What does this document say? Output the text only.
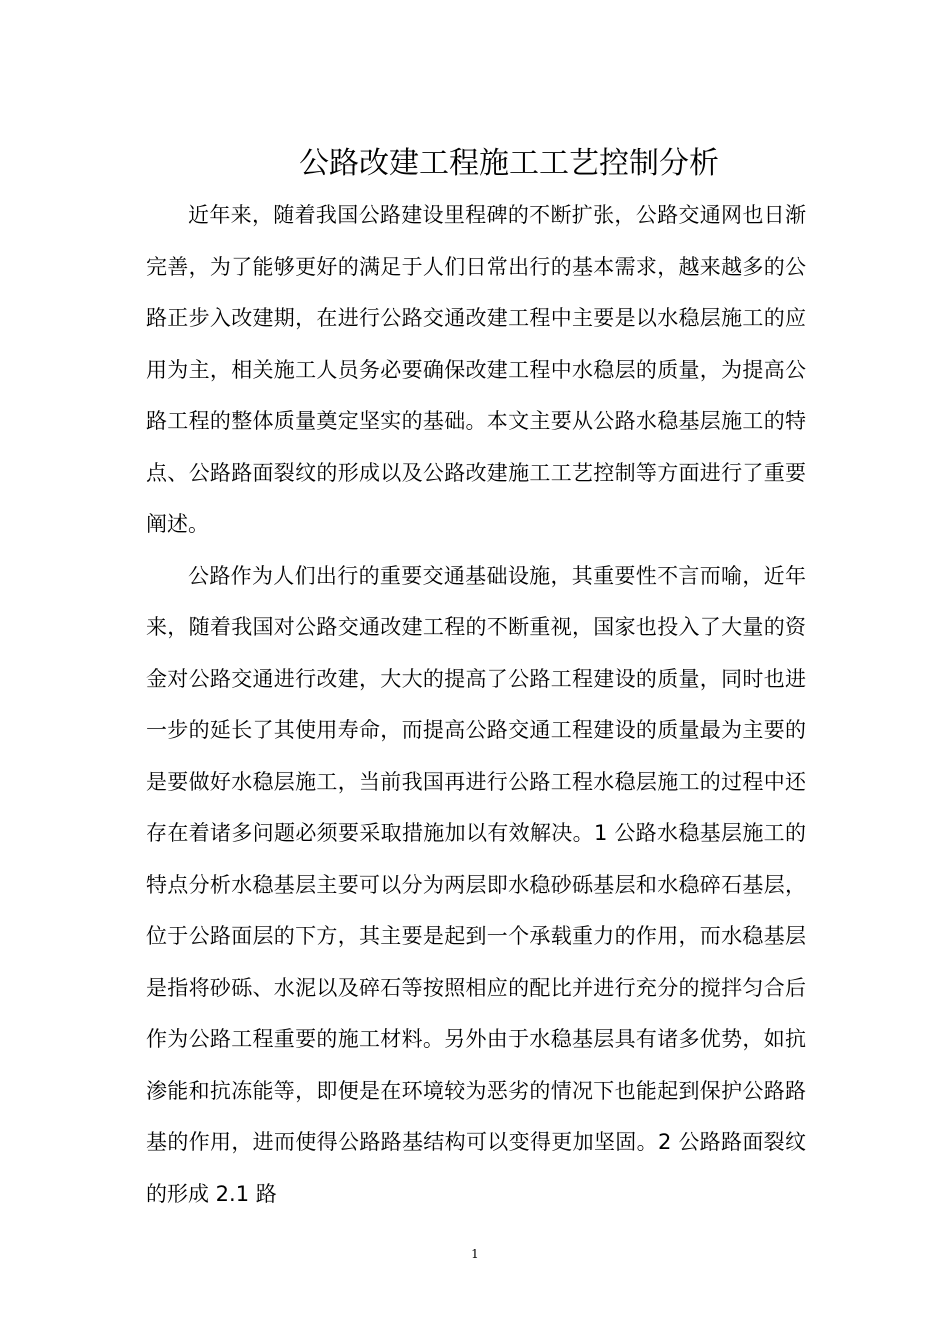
公路改建工程施工工艺控制分析

近年来，随着我国公路建设里程碑的不断扩张，公路交通网也日渐完善，为了能够更好的满足于人们日常出行的基本需求，越来越多的公路正步入改建期，在进行公路交通改建工程中主要是以水稳层施工的应用为主，相关施工人员务必要确保改建工程中水稳层的质量，为提高公路工程的整体质量奠定坚实的基础。本文主要从公路水稳基层施工的特点、公路路面裂纹的形成以及公路改建施工工艺控制等方面进行了重要阐述。

公路作为人们出行的重要交通基础设施，其重要性不言而喻，近年来，随着我国对公路交通改建工程的不断重视，国家也投入了大量的资金对公路交通进行改建，大大的提高了公路工程建设的质量，同时也进一步的延长了其使用寿命，而提高公路交通工程建设的质量最为主要的是要做好水稳层施工，当前我国再进行公路工程水稳层施工的过程中还存在着诸多问题必须要采取措施加以有效解决。1 公路水稳基层施工的特点分析水稳基层主要可以分为两层即水稳砂砾基层和水稳碎石基层，位于公路面层的下方，其主要是起到一个承载重力的作用，而水稳基层是指将砂砾、水泥以及碎石等按照相应的配比并进行充分的搅拌匀合后作为公路工程重要的施工材料。另外由于水稳基层具有诸多优势，如抗渗能和抗冻能等，即便是在环境较为恶劣的情况下也能起到保护公路路基的作用，进而使得公路路基结构可以变得更加坚固。2 公路路面裂纹的形成 2.1 路

1
